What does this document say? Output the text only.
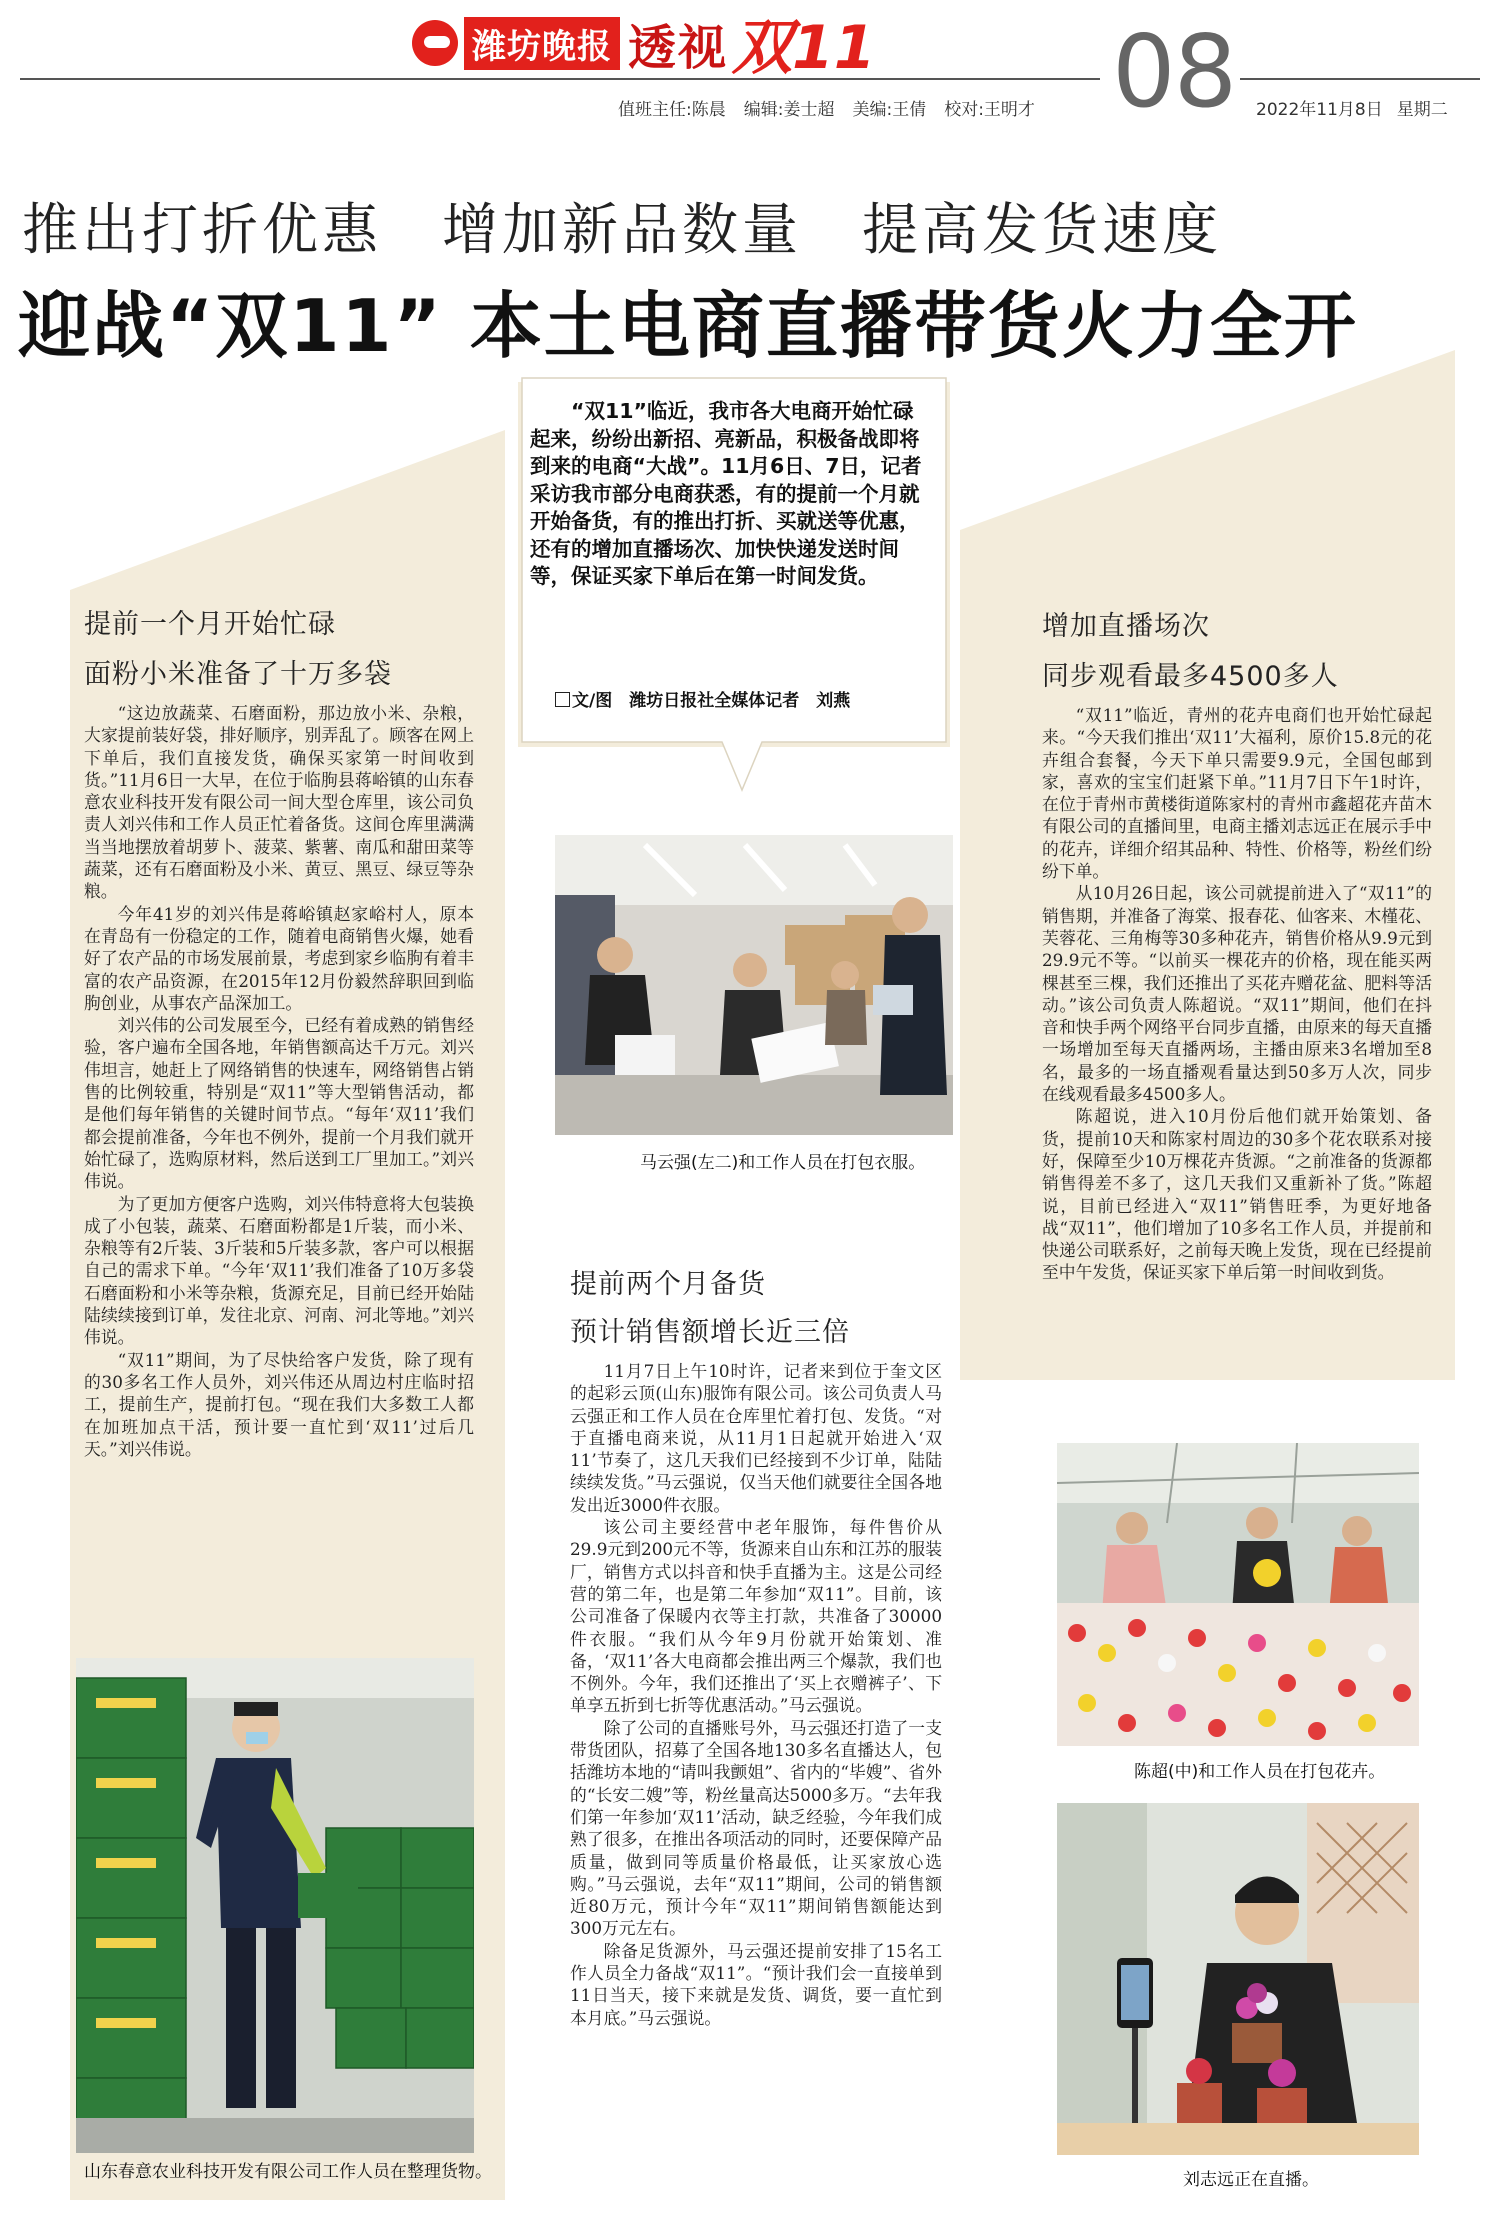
潍坊晚报 透视 双11 08
值班主任:陈晨 编辑:姜士超 美编:王倩 校对:王明才	2022年11月8日 星期二
推出打折优惠 增加新品数量 提高发货速度
迎战“双11” 本土电商直播带货火力全开
“双11”临近，我市各大电商开始忙碌起来，纷纷出新招、亮新品，积极备战即将到来的电商“大战”。11月6日、7日，记者采访我市部分电商获悉，有的提前一个月就开始备货，有的推出打折、买就送等优惠，还有的增加直播场次、加快快递发送时间等，保证买家下单后在第一时间发货。
文/图　潍坊日报社全媒体记者　刘燕
提前一个月开始忙碌
面粉小米准备了十万多袋

“这边放蔬菜、石磨面粉，那边放小米、杂粮，大家提前装好袋，排好顺序，别弄乱了。顾客在网上下单后，我们直接发货，确保买家第一时间收到货。”11月6日一大早，在位于临朐县蒋峪镇的山东春意农业科技开发有限公司一间大型仓库里，该公司负责人刘兴伟和工作人员正忙着备货。这间仓库里满满当当地摆放着胡萝卜、菠菜、紫薯、南瓜和甜田菜等蔬菜，还有石磨面粉及小米、黄豆、黑豆、绿豆等杂粮。

今年41岁的刘兴伟是蒋峪镇赵家峪村人，原本在青岛有一份稳定的工作，随着电商销售火爆，她看好了农产品的市场发展前景，考虑到家乡临朐有着丰富的农产品资源，在2015年12月份毅然辞职回到临朐创业，从事农产品深加工。

刘兴伟的公司发展至今，已经有着成熟的销售经验，客户遍布全国各地，年销售额高达千万元。刘兴伟坦言，她赶上了网络销售的快速车，网络销售占销售的比例较重，特别是“双11”等大型销售活动，都是他们每年销售的关键时间节点。“每年‘双11’我们都会提前准备，今年也不例外，提前一个月我们就开始忙碌了，选购原材料，然后送到工厂里加工。”刘兴伟说。

为了更加方便客户选购，刘兴伟特意将大包装换成了小包装，蔬菜、石磨面粉都是1斤装，而小米、杂粮等有2斤装、3斤装和5斤装多款，客户可以根据自己的需求下单。“今年‘双11’我们准备了10万多袋石磨面粉和小米等杂粮，货源充足，目前已经开始陆陆续续接到订单，发往北京、河南、河北等地。”刘兴伟说。

“双11”期间，为了尽快给客户发货，除了现有的30多名工作人员外，刘兴伟还从周边村庄临时招工，提前生产，提前打包。“现在我们大多数工人都在加班加点干活，预计要一直忙到‘双11’过后几天。”刘兴伟说。

山东春意农业科技开发有限公司工作人员在整理货物。
马云强(左二)和工作人员在打包衣服。
提前两个月备货
预计销售额增长近三倍

11月7日上午10时许，记者来到位于奎文区的起彩云顶(山东)服饰有限公司。该公司负责人马云强正和工作人员在仓库里忙着打包、发货。“对于直播电商来说，从11月1日起就开始进入‘双11’节奏了，这几天我们已经接到不少订单，陆陆续续发货。”马云强说，仅当天他们就要往全国各地发出近3000件衣服。

该公司主要经营中老年服饰，每件售价从29.9元到200元不等，货源来自山东和江苏的服装厂，销售方式以抖音和快手直播为主。这是公司经营的第二年，也是第二年参加“双11”。目前，该公司准备了保暖内衣等主打款，共准备了30000件衣服。“我们从今年9月份就开始策划、准备，‘双11’各大电商都会推出两三个爆款，我们也不例外。今年，我们还推出了‘买上衣赠裤子’、下单享五折到七折等优惠活动。”马云强说。

除了公司的直播账号外，马云强还打造了一支带货团队，招募了全国各地130多名直播达人，包括潍坊本地的“请叫我颤姐”、省内的“毕嫂”、省外的“长安二嫂”等，粉丝量高达5000多万。“去年我们第一年参加‘双11’活动，缺乏经验，今年我们成熟了很多，在推出各项活动的同时，还要保障产品质量，做到同等质量价格最低，让买家放心选购。”马云强说，去年“双11”期间，公司的销售额近80万元，预计今年“双11”期间销售额能达到300万元左右。

除备足货源外，马云强还提前安排了15名工作人员全力备战“双11”。“预计我们会一直接单到11日当天，接下来就是发货、调货，要一直忙到本月底。”马云强说。

增加直播场次
同步观看最多4500多人

“双11”临近，青州的花卉电商们也开始忙碌起来。“今天我们推出‘双11’大福利，原价15.8元的花卉组合套餐，今天下单只需要9.9元，全国包邮到家，喜欢的宝宝们赶紧下单。”11月7日下午1时许，在位于青州市黄楼街道陈家村的青州市鑫超花卉苗木有限公司的直播间里，电商主播刘志远正在展示手中的花卉，详细介绍其品种、特性、价格等，粉丝们纷纷下单。

从10月26日起，该公司就提前进入了“双11”的销售期，并准备了海棠、报春花、仙客来、木槿花、芙蓉花、三角梅等30多种花卉，销售价格从9.9元到29.9元不等。“以前买一棵花卉的价格，现在能买两棵甚至三棵，我们还推出了买花卉赠花盆、肥料等活动。”该公司负责人陈超说。“双11”期间，他们在抖音和快手两个网络平台同步直播，由原来的每天直播一场增加至每天直播两场，主播由原来3名增加至8名，最多的一场直播观看量达到50多万人次，同步在线观看最多4500多人。

陈超说，进入10月份后他们就开始策划、备货，提前10天和陈家村周边的30多个花农联系对接好，保障至少10万棵花卉货源。“之前准备的货源都销售得差不多了，这几天我们又重新补了货。”陈超说，目前已经进入“双11”销售旺季，为更好地备战“双11”，他们增加了10多名工作人员，并提前和快递公司联系好，之前每天晚上发货，现在已经提前至中午发货，保证买家下单后第一时间收到货。

陈超(中)和工作人员在打包花卉。
刘志远正在直播。
